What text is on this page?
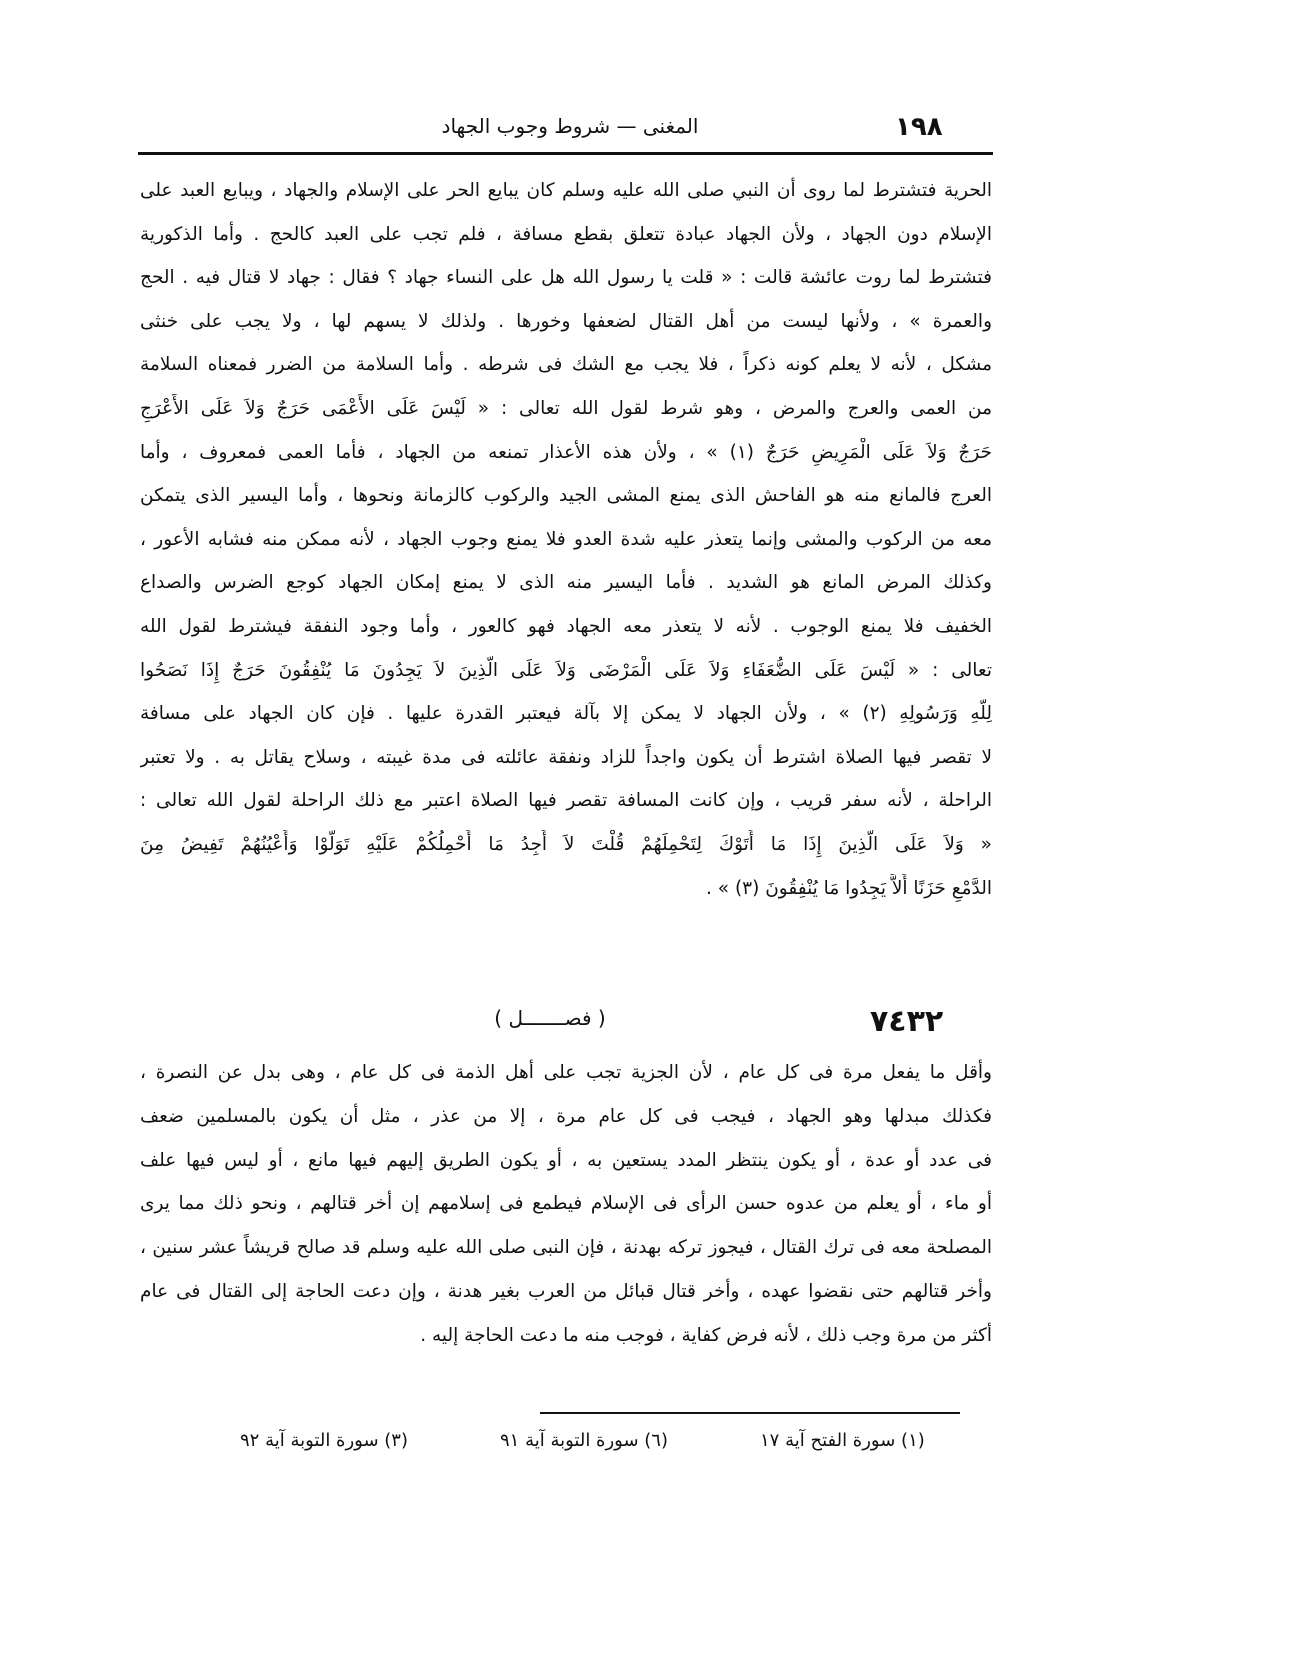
١٩٨
المغنى — شروط وجوب الجهاد
الحرية فتشترط لما روى أن النبي صلى الله عليه وسلم كان يبايع الحر على الإسلام والجهاد ، ويبايع العبد على
الإسلام دون الجهاد ، ولأن الجهاد عبادة تتعلق بقطع مسافة ، فلم تجب على العبد كالحج . وأما الذكورية
فتشترط لما روت عائشة قالت : « قلت يا رسول الله هل على النساء جهاد ؟ فقال : جهاد لا قتال فيه . الحج
والعمرة » ، ولأنها ليست من أهل القتال لضعفها وخورها . ولذلك لا يسهم لها ، ولا يجب على خنثى
مشكل ، لأنه لا يعلم كونه ذكراً ، فلا يجب مع الشك فى شرطه . وأما السلامة من الضرر فمعناه السلامة
من العمى والعرج والمرض ، وهو شرط لقول الله تعالى : « لَيْسَ عَلَى الأَعْمَى حَرَجٌ وَلاَ عَلَى الأَعْرَجِ
حَرَجٌ وَلاَ عَلَى الْمَرِيضِ حَرَجٌ (١) » ، ولأن هذه الأعذار تمنعه من الجهاد ، فأما العمى فمعروف ، وأما
العرج فالمانع منه هو الفاحش الذى يمنع المشى الجيد والركوب كالزمانة ونحوها ، وأما اليسير الذى يتمكن
معه من الركوب والمشى وإنما يتعذر عليه شدة العدو فلا يمنع وجوب الجهاد ، لأنه ممكن منه فشابه الأعور ،
وكذلك المرض المانع هو الشديد . فأما اليسير منه الذى لا يمنع إمكان الجهاد كوجع الضرس والصداع
الخفيف فلا يمنع الوجوب . لأنه لا يتعذر معه الجهاد فهو كالعور ، وأما وجود النفقة فيشترط لقول الله
تعالى : « لَيْسَ عَلَى الضُّعَفَاءِ وَلاَ عَلَى الْمَرْضَى وَلاَ عَلَى الَّذِينَ لاَ يَجِدُونَ مَا يُنْفِقُونَ حَرَجٌ إِذَا نَصَحُوا
لِلَّهِ وَرَسُولِهِ (٢) » ، ولأن الجهاد لا يمكن إلا بآلة فيعتبر القدرة عليها . فإن كان الجهاد على مسافة
لا تقصر فيها الصلاة اشترط أن يكون واجداً للزاد ونفقة عائلته فى مدة غيبته ، وسلاح يقاتل به . ولا تعتبر
الراحلة ، لأنه سفر قريب ، وإن كانت المسافة تقصر فيها الصلاة اعتبر مع ذلك الراحلة لقول الله تعالى :
« وَلاَ عَلَى الَّذِينَ إِذَا مَا أَتَوْكَ لِتَحْمِلَهُمْ قُلْتَ لاَ أَجِدُ مَا أَحْمِلُكُمْ عَلَيْهِ تَوَلَّوْا وَأَعْيُنُهُمْ تَفِيضُ مِنَ
الدَّمْعِ حَزَنًا أَلاَّ يَجِدُوا مَا يُنْفِقُونَ (٣) » .
٧٤٣٢
( فصـــــــل )
وأقل ما يفعل مرة فى كل عام ، لأن الجزية تجب على أهل الذمة فى كل عام ، وهى بدل عن النصرة ،
فكذلك مبدلها وهو الجهاد ، فيجب فى كل عام مرة ، إلا من عذر ، مثل أن يكون بالمسلمين ضعف
فى عدد أو عدة ، أو يكون ينتظر المدد يستعين به ، أو يكون الطريق إليهم فيها مانع ، أو ليس فيها علف
أو ماء ، أو يعلم من عدوه حسن الرأى فى الإسلام فيطمع فى إسلامهم إن أخر قتالهم ، ونحو ذلك مما يرى
المصلحة معه فى ترك القتال ، فيجوز تركه بهدنة ، فإن النبى صلى الله عليه وسلم قد صالح قريشاً عشر سنين ،
وأخر قتالهم حتى نقضوا عهده ، وأخر قتال قبائل من العرب بغير هدنة ، وإن دعت الحاجة إلى القتال فى عام
أكثر من مرة وجب ذلك ، لأنه فرض كفاية ، فوجب منه ما دعت الحاجة إليه .
(١) سورة الفتح آية ١٧
(٦) سورة التوبة آية ٩١
(٣) سورة التوبة آية ٩٢
